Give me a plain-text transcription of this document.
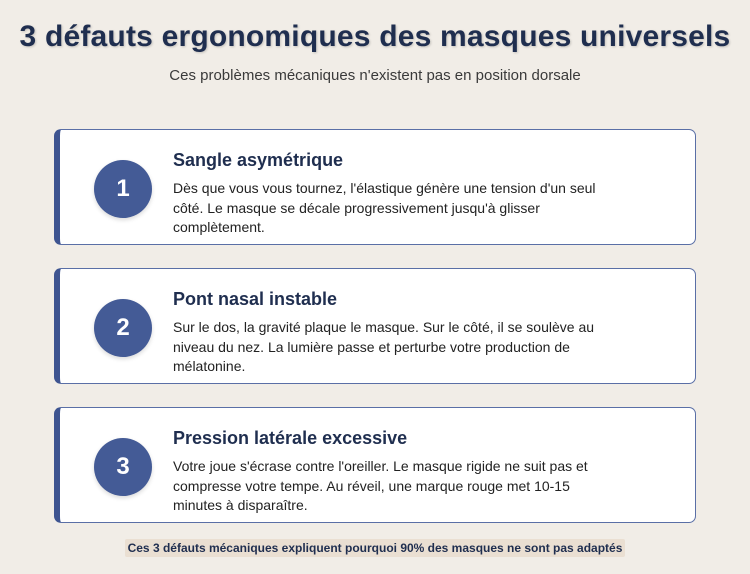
3 défauts ergonomiques des masques universels
Ces problèmes mécaniques n'existent pas en position dorsale
1
Sangle asymétrique
Dès que vous vous tournez, l'élastique génère une tension d'un seul côté. Le masque se décale progressivement jusqu'à glisser complètement.
2
Pont nasal instable
Sur le dos, la gravité plaque le masque. Sur le côté, il se soulève au niveau du nez. La lumière passe et perturbe votre production de mélatonine.
3
Pression latérale excessive
Votre joue s'écrase contre l'oreiller. Le masque rigide ne suit pas et compresse votre tempe. Au réveil, une marque rouge met 10-15 minutes à disparaître.
Ces 3 défauts mécaniques expliquent pourquoi 90% des masques ne sont pas adaptés
